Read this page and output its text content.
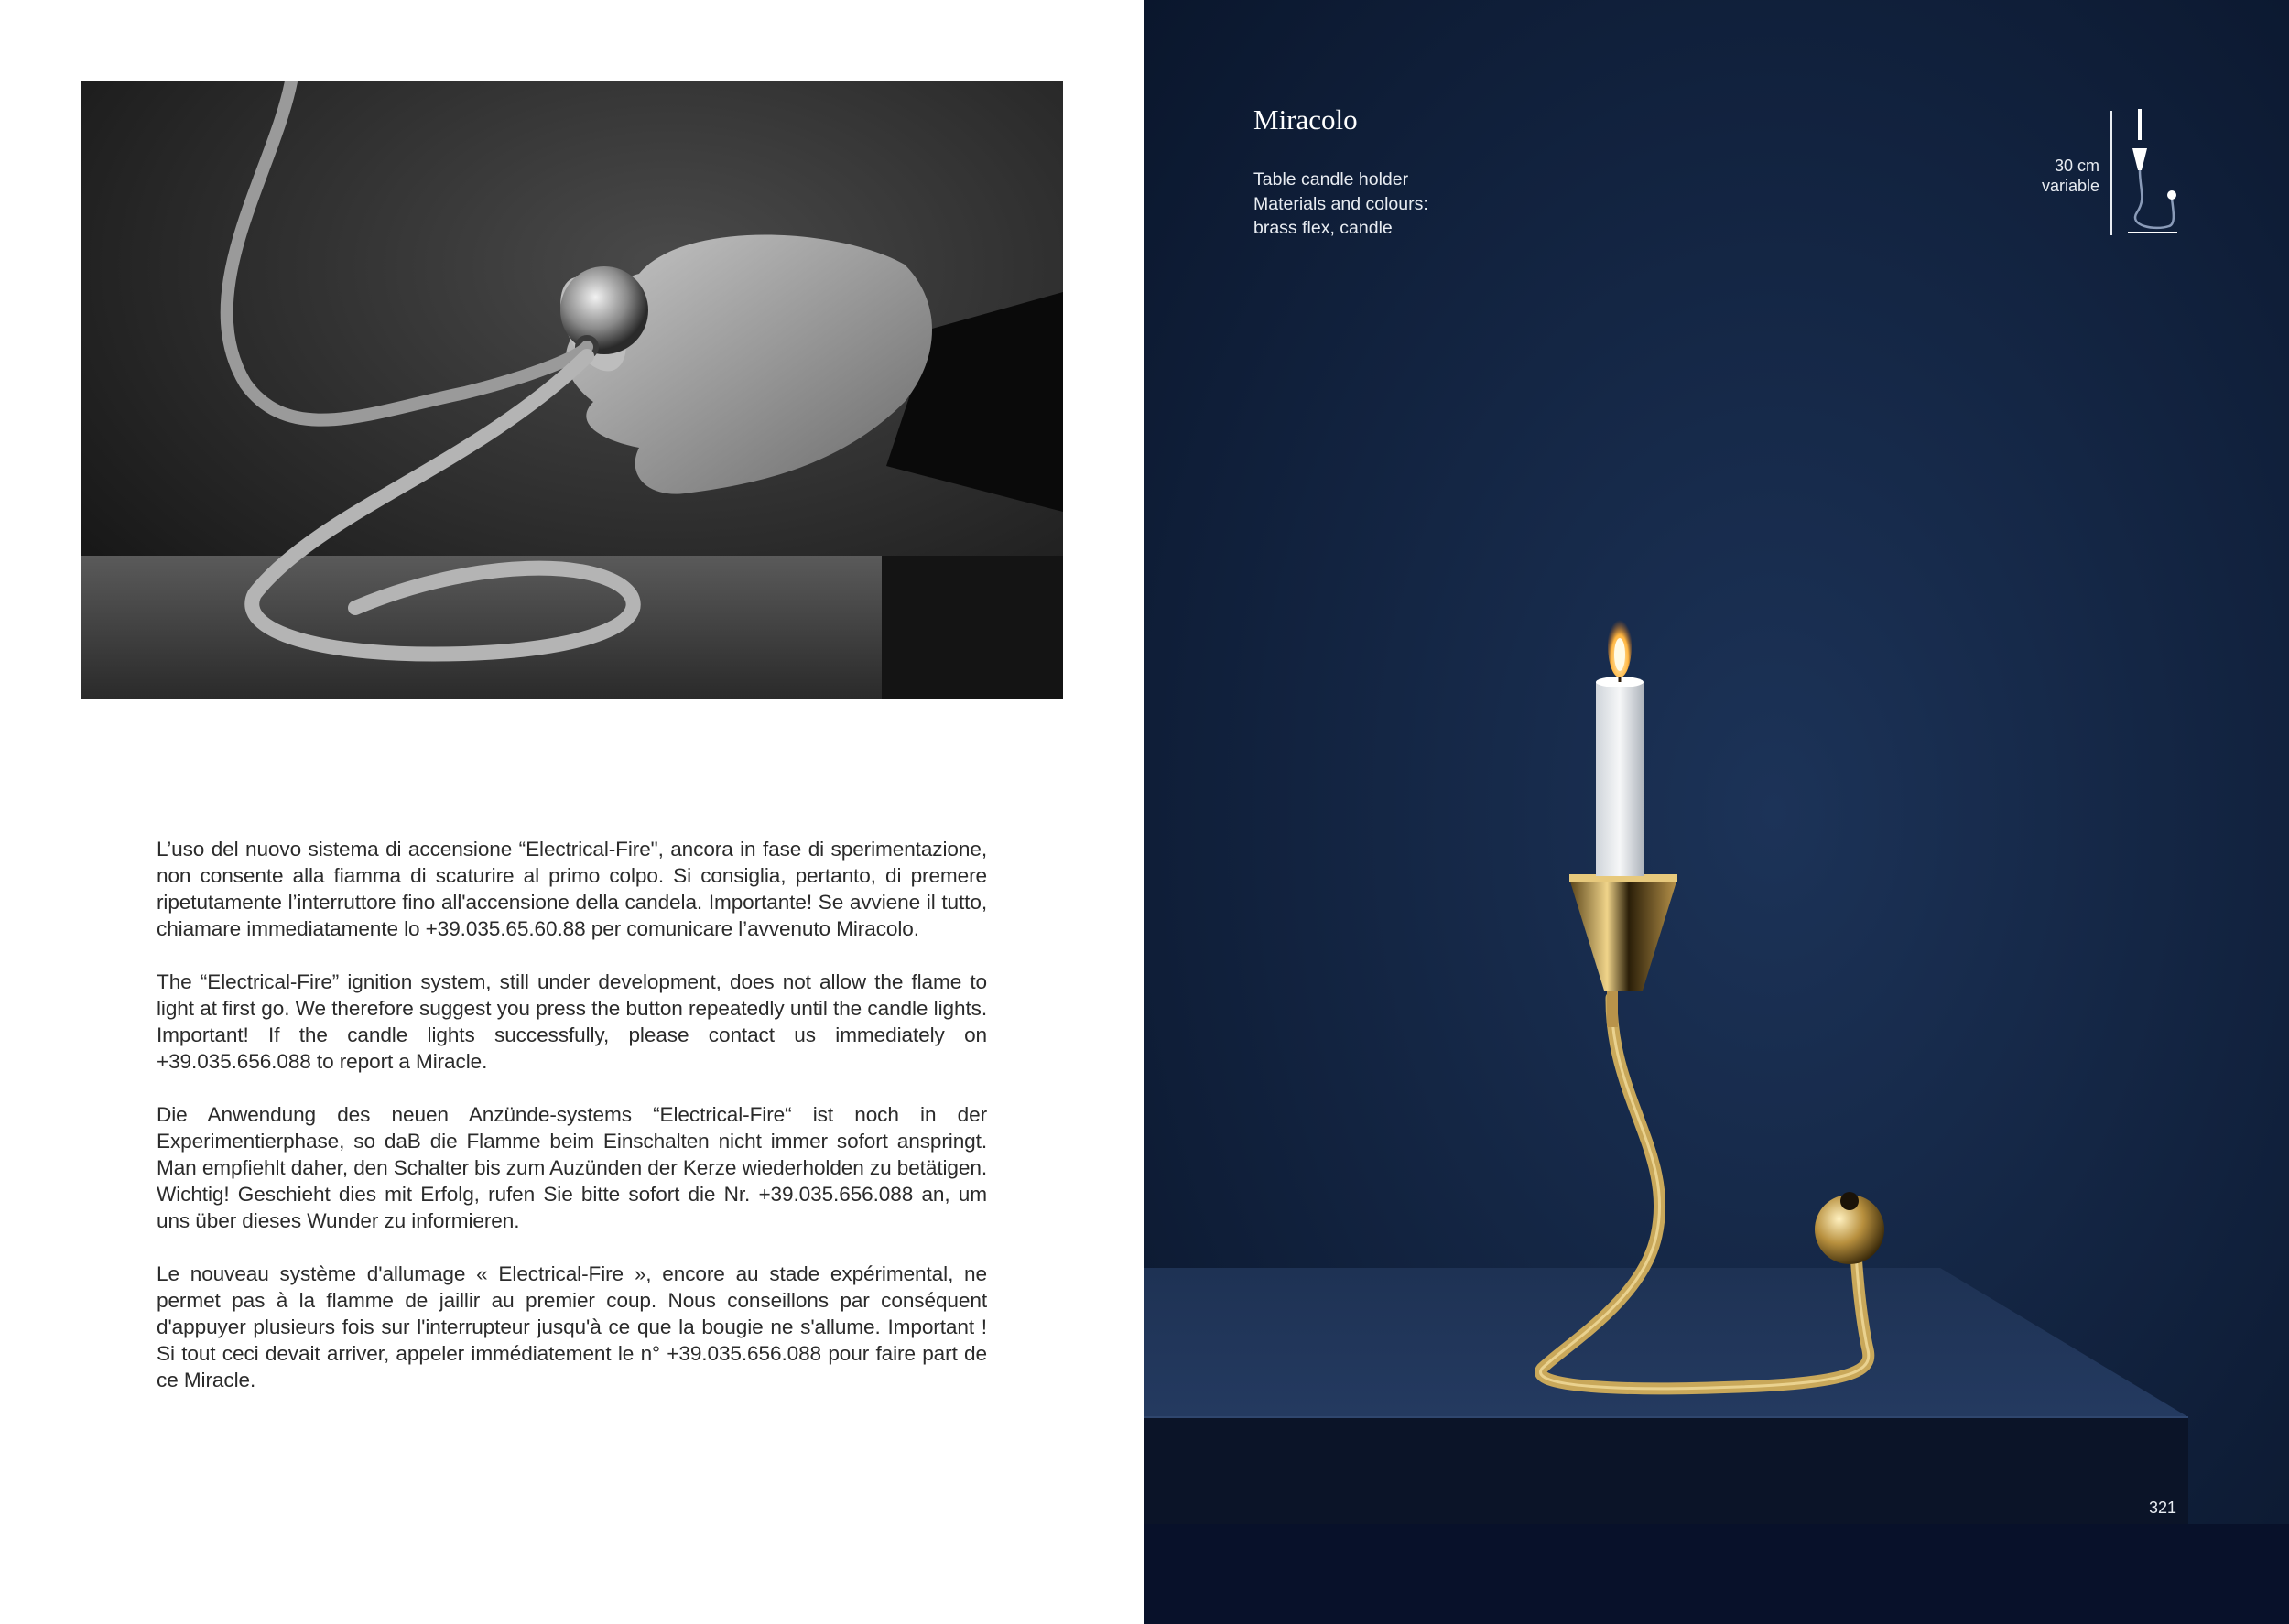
L’uso del nuovo sistema di accensione “Electrical-Fire", ancora in fase di sperimentazione, non consente alla fiamma di scaturire al primo colpo. Si consiglia, pertanto, di premere ripetutamente l’interruttore fino all'accensione della candela. Importante! Se avviene il tutto, chiamare immediatamente lo +39.035.65.60.88 per comunicare l’avvenuto Miracolo.

The “Electrical-Fire” ignition system, still under development, does not allow the flame to light at first go. We therefore suggest you press the button repeatedly until the candle lights. Important! If the candle lights successfully, please contact us immediately on +39.035.656.088 to report a Miracle.

Die Anwendung des neuen Anzünde-systems “Electrical-Fire“ ist noch in der Experimentierphase, so daB die Flamme beim Einschalten nicht immer sofort anspringt. Man empfiehlt daher, den Schalter bis zum Auzünden der Kerze wiederholden zu betätigen. Wichtig! Geschieht dies mit Erfolg, rufen Sie bitte sofort die Nr. +39.035.656.088 an, um uns über dieses Wunder zu informieren.

Le nouveau système d'allumage « Electrical-Fire », encore au stade expérimental, ne permet pas à la flamme de jaillir au premier coup. Nous conseillons par conséquent d'appuyer plusieurs fois sur l'interrupteur jusqu'à ce que la bougie ne s'allume. Important ! Si tout ceci devait arriver, appeler immédiatement le n° +39.035.656.088 pour faire part de ce Miracle.

Miracolo
Table candle holder
Materials and colours:
brass flex, candle
30 cm
variable
321
